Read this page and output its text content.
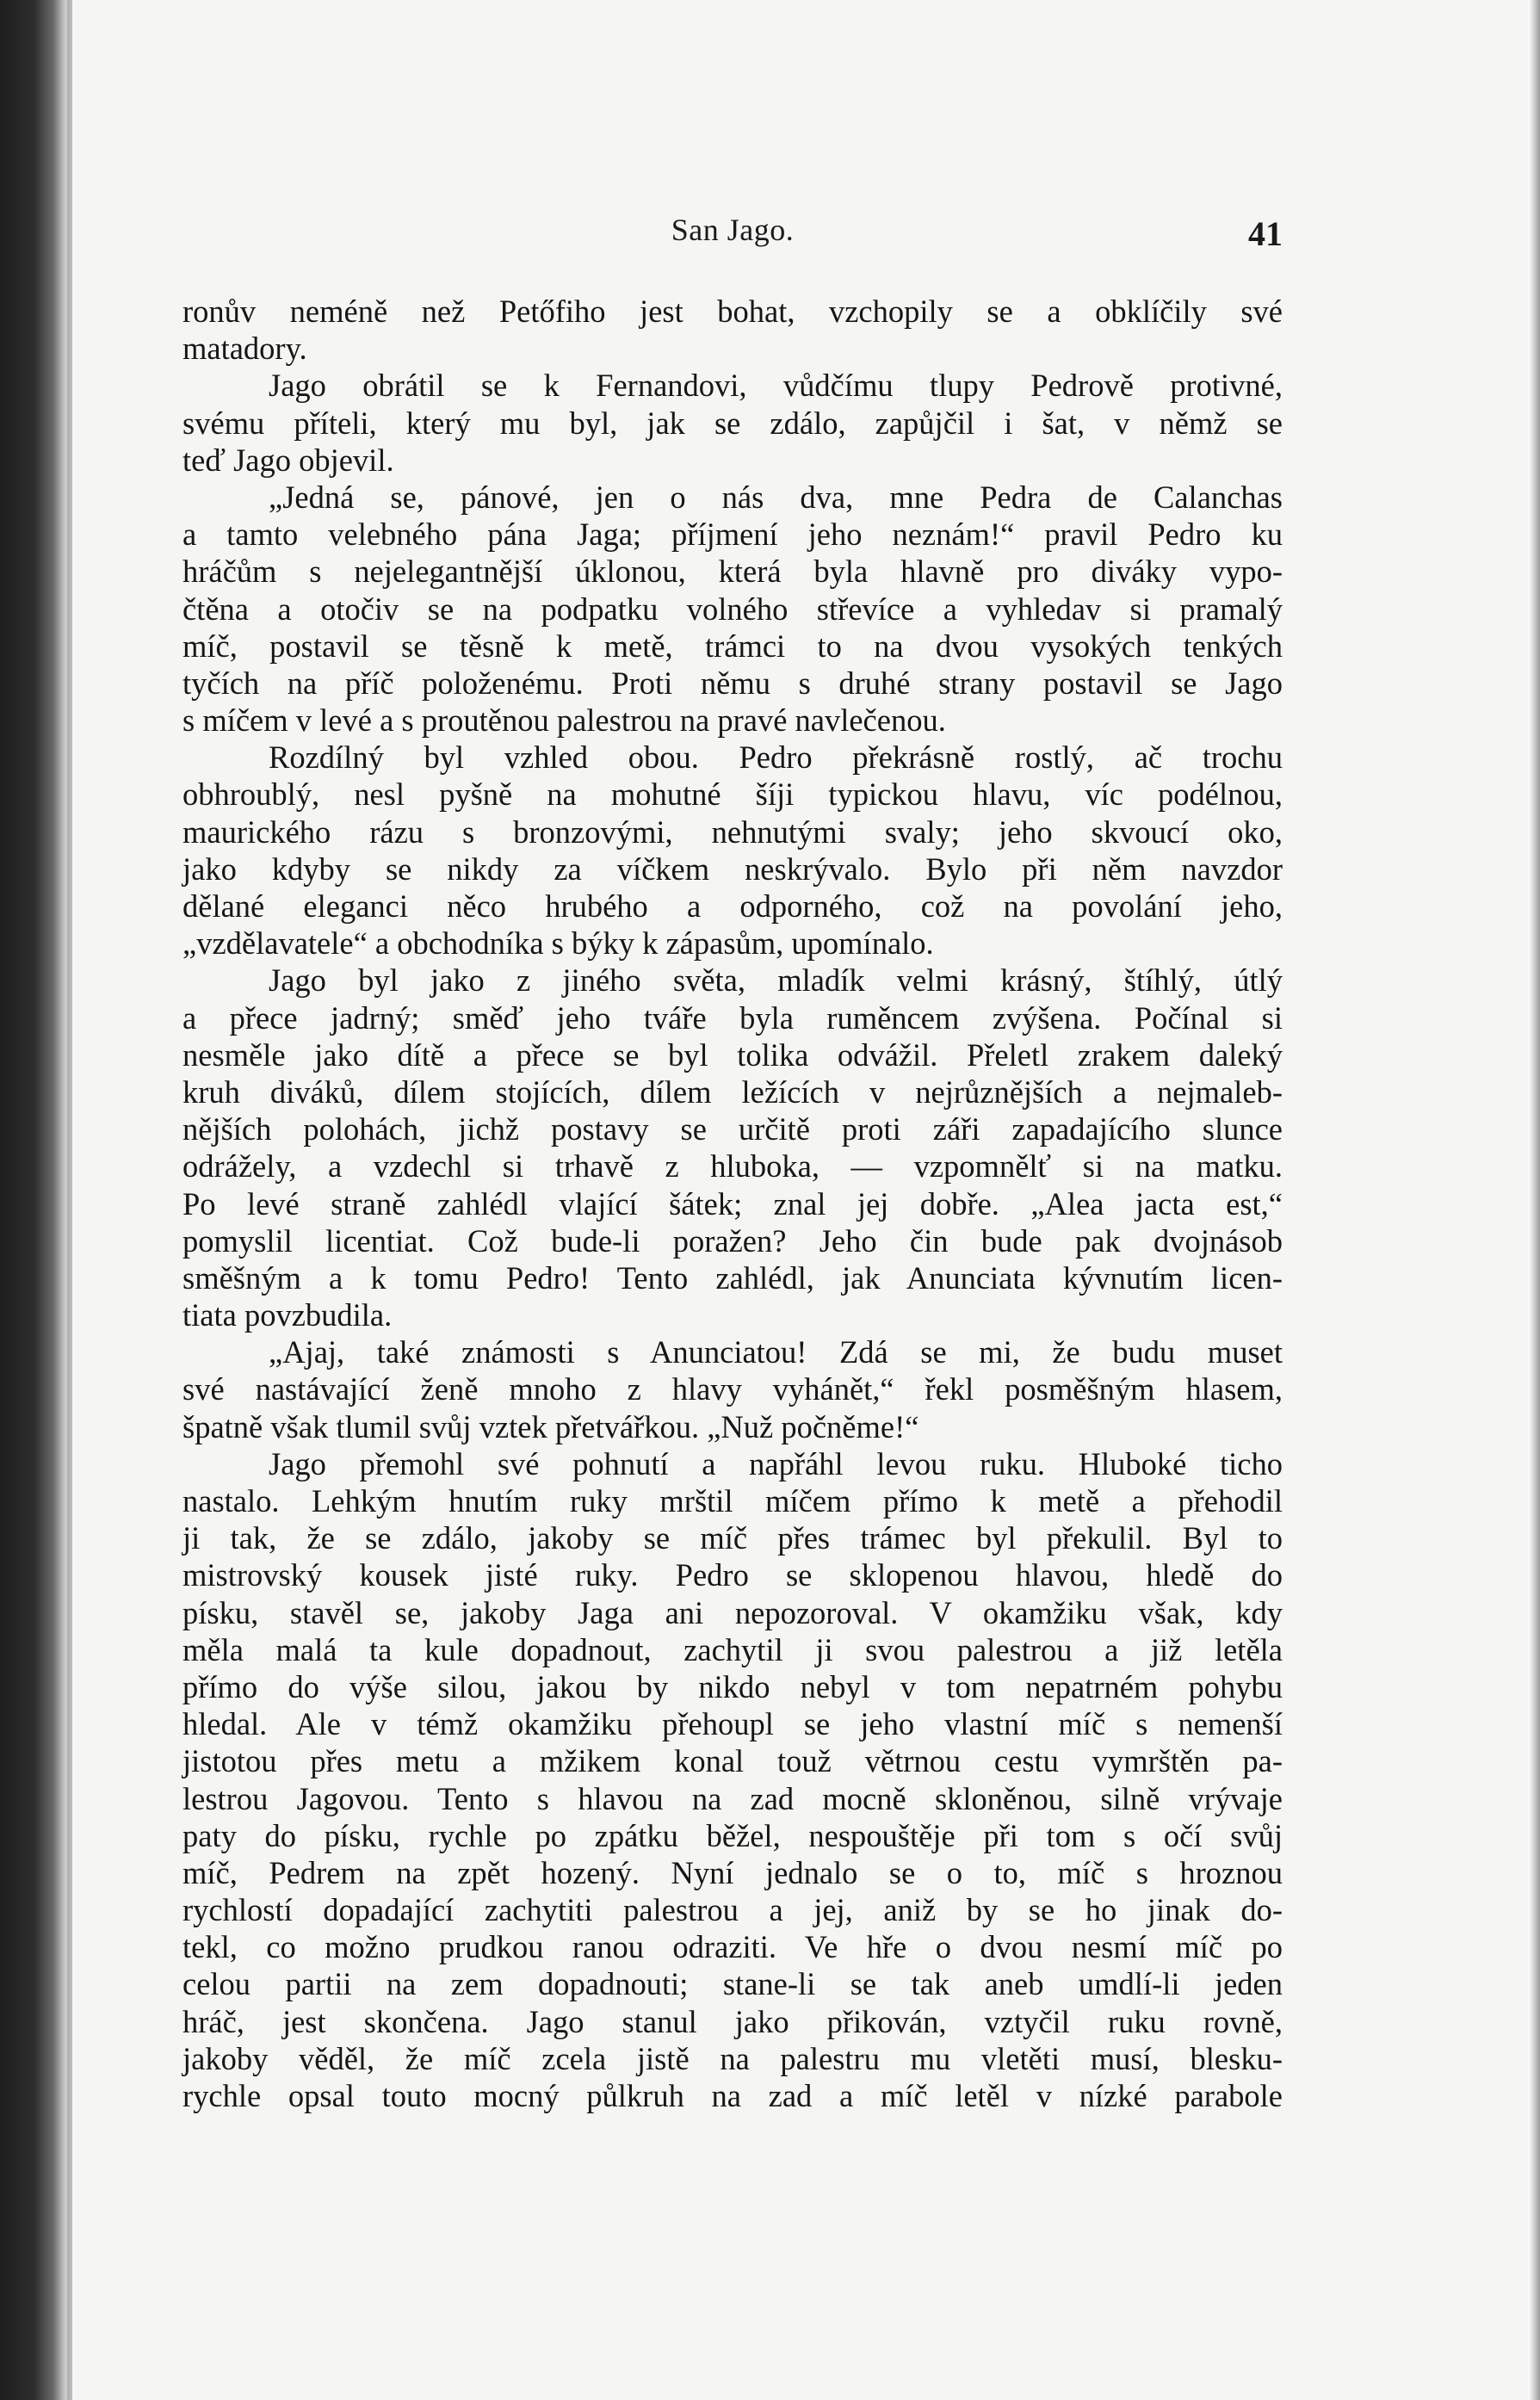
San Jago.	41
ronův neméně než Petőfiho jest bohat, vzchopily se a obklíčily své
matadory.
Jago obrátil se k Fernandovi, vůdčímu tlupy Pedrově protivné,
svému příteli, který mu byl, jak se zdálo, zapůjčil i šat, v němž se
teď Jago objevil.
„Jedná se, pánové, jen o nás dva, mne Pedra de Calanchas
a tamto velebného pána Jaga; příjmení jeho neznám!“ pravil Pedro ku
hráčům s nejelegantnější úklonou, která byla hlavně pro diváky vypo-
čtěna a otočiv se na podpatku volného střevíce a vyhledav si pramalý
míč, postavil se těsně k metě, trámci to na dvou vysokých tenkých
tyčích na příč položenému. Proti němu s druhé strany postavil se Jago
s míčem v levé a s proutěnou palestrou na pravé navlečenou.
Rozdílný byl vzhled obou. Pedro překrásně rostlý, ač trochu
obhroublý, nesl pyšně na mohutné šíji typickou hlavu, víc podélnou,
maurického rázu s bronzovými, nehnutými svaly; jeho skvoucí oko,
jako kdyby se nikdy za víčkem neskrývalo. Bylo při něm navzdor
dělané eleganci něco hrubého a odporného, což na povolání jeho,
„vzdělavatele“ a obchodníka s býky k zápasům, upomínalo.
Jago byl jako z jiného světa, mladík velmi krásný, štíhlý, útlý
a přece jadrný; směď jeho tváře byla ruměncem zvýšena. Počínal si
nesměle jako dítě a přece se byl tolika odvážil. Přeletl zrakem daleký
kruh diváků, dílem stojících, dílem ležících v nejrůznějších a nejmaleb-
nějších polohách, jichž postavy se určitě proti záři zapadajícího slunce
odrážely, a vzdechl si trhavě z hluboka, — vzpomnělť si na matku.
Po levé straně zahlédl vlající šátek; znal jej dobře. „Alea jacta est,“
pomyslil licentiat. Což bude-li poražen? Jeho čin bude pak dvojnásob
směšným a k tomu Pedro! Tento zahlédl, jak Anunciata kývnutím licen-
tiata povzbudila.
„Ajaj, také známosti s Anunciatou! Zdá se mi, že budu muset
své nastávající ženě mnoho z hlavy vyhánět,“ řekl posměšným hlasem,
špatně však tlumil svůj vztek přetvářkou. „Nuž počněme!“
Jago přemohl své pohnutí a napřáhl levou ruku. Hluboké ticho
nastalo. Lehkým hnutím ruky mrštil míčem přímo k metě a přehodil
ji tak, že se zdálo, jakoby se míč přes trámec byl překulil. Byl to
mistrovský kousek jisté ruky. Pedro se sklopenou hlavou, hledě do
písku, stavěl se, jakoby Jaga ani nepozoroval. V okamžiku však, kdy
měla malá ta kule dopadnout, zachytil ji svou palestrou a již letěla
přímo do výše silou, jakou by nikdo nebyl v tom nepatrném pohybu
hledal. Ale v témž okamžiku přehoupl se jeho vlastní míč s nemenší
jistotou přes metu a mžikem konal touž větrnou cestu vymrštěn pa-
lestrou Jagovou. Tento s hlavou na zad mocně skloněnou, silně vrývaje
paty do písku, rychle po zpátku běžel, nespouštěje při tom s očí svůj
míč, Pedrem na zpět hozený. Nyní jednalo se o to, míč s hroznou
rychlostí dopadající zachytiti palestrou a jej, aniž by se ho jinak do-
tekl, co možno prudkou ranou odraziti. Ve hře o dvou nesmí míč po
celou partii na zem dopadnouti; stane-li se tak aneb umdlí-li jeden
hráč, jest skončena. Jago stanul jako přikován, vztyčil ruku rovně,
jakoby věděl, že míč zcela jistě na palestru mu vletěti musí, blesku-
rychle opsal touto mocný půlkruh na zad a míč letěl v nízké parabole
